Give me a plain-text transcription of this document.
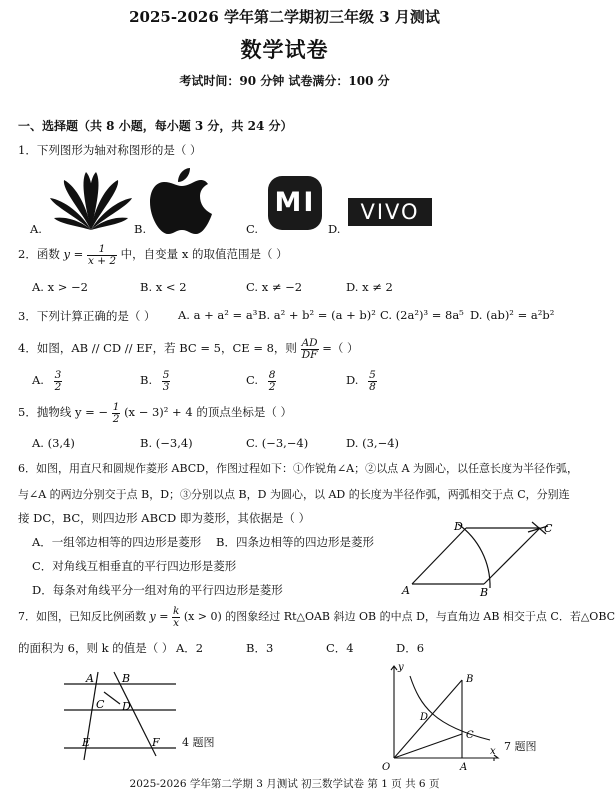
2025-2026 学年第二学期初三年级 3 月测试
数学试卷
考试时间：90 分钟 试卷满分：100 分
一、选择题（共 8 小题，每小题 3 分，共 24 分）
1．下列图形为轴对称图形的是（ ）
A.	B.
MI
C.
VIVO
D.
2．函数 $y = \frac{1}{x + 2}$ 中，自变量 x 的取值范围是（ ）
A. x > −2	B. x < 2	C. x ≠ −2	D. x ≠ 2
3．下列计算正确的是（ ） A. a + a² = a³ B. a² + b² = (a + b)² C. (2a²)³ = 8a⁵ D. (ab)² = a²b²
4．如图，AB // CD // EF，若 BC = 5，CE = 8，则 $\frac{AD}{DF}$ =（ ）
A. $\frac{3}{2}$	B. $\frac{5}{3}$	C. $\frac{8}{2}$	D. $\frac{5}{8}$
5．抛物线 y = − $\frac{1}{2} (x - 3)^2 + 4$ 的顶点坐标是（ ）
A. (3,4)	B. (−3,4)	C. (−3,−4)	D. (3,−4)
6．如图，用直尺和圆规作菱形 ABCD，作图过程如下：①作锐角∠A；②以点 A 为圆心，以任意长度为半径作弧，
与∠A 的两边分别交于点 B，D；③分别以点 B，D 为圆心，以 AD 的长度为半径作弧，两弧相交于点 C，分别连
接 DC，BC，则四边形 ABCD 即为菱形，其依据是（ ）
A．一组邻边相等的四边形是菱形 B．四条边相等的四边形是菱形
C．对角线互相垂直的平行四边形是菱形
D．每条对角线平分一组对角的平行四边形是菱形	A	B
C
D
7．如图，已知反比例函数 $y = \frac{k}{x} (x > 0)$ 的图象经过 Rt△OAB 斜边 OB 的中点 D，与直角边 AB 相交于点 C．若△OBC
的面积为 6，则 k 的值是（ ） A．2	B．3	C．4	D．6
A	B
C D
E	F 4 题图
y
B
D
C
O	A
x 7 题图
2025-2026 学年第二学期 3 月测试 初三数学试卷 第 1 页 共 6 页
